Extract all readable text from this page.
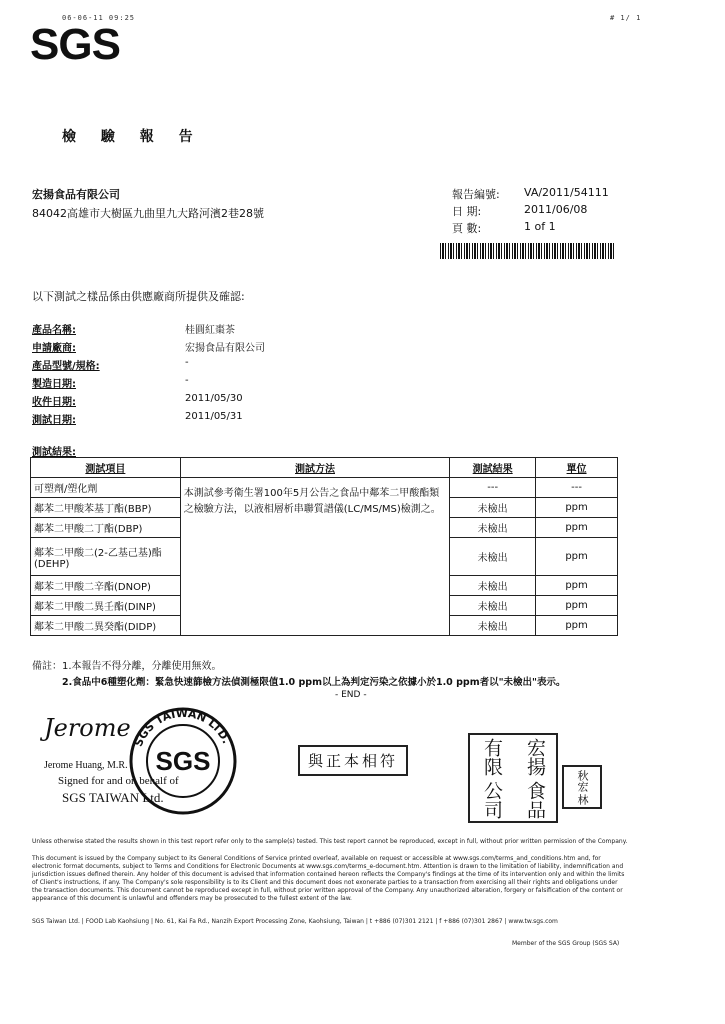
06-06-11 09:25	# 1/ 1
SGS
檢 驗 報 告
宏揚食品有限公司
84042高雄市大樹區九曲里九大路河濱2巷28號
報告編號:	VA/2011/54111
日 期:	2011/06/08
頁 數:	1 of 1
以下測試之樣品係由供應廠商所提供及確認:
產品名稱:	桂圓紅棗茶
申請廠商:	宏揚食品有限公司
產品型號/規格:	-
製造日期:	-
收件日期:	2011/05/30
測試日期:	2011/05/31
測試結果:
測試項目	測試方法	測試結果	單位
可塑劑/塑化劑	本測試參考衛生署100年5月公告之食品中鄰苯二甲酸酯類之檢驗方法，以液相層析串聯質譜儀(LC/MS/MS)檢測之。	---	---
鄰苯二甲酸苯基丁酯(BBP)		未檢出	ppm
鄰苯二甲酸二丁酯(DBP)		未檢出	ppm
鄰苯二甲酸二(2-乙基己基)酯(DEHP)		未檢出	ppm
鄰苯二甲酸二辛酯(DNOP)		未檢出	ppm
鄰苯二甲酸二異壬酯(DINP)		未檢出	ppm
鄰苯二甲酸二異癸酯(DIDP)		未檢出	ppm
備註：1.本報告不得分離，分離使用無效。
2.食品中6種塑化劑：緊急快速篩檢方法偵測極限值1.0 ppm以上為判定污染之依據小於1.0 ppm者以"未檢出"表示。
- END -
Jerome
Jerome Huang, M.R.
Signed for and on behalf of
SGS TAIWAN Ltd.
SGS TAIWAN LTD.
SGS	與正本相符	宏揚
食品
有限
公司	秋宏
林
Unless otherwise stated the results shown in this test report refer only to the sample(s) tested. This test report cannot be reproduced, except in full, without prior written permission of the Company.
This document is issued by the Company subject to its General Conditions of Service printed overleaf, available on request or accessible at www.sgs.com/terms_and_conditions.htm and, for electronic format documents, subject to Terms and Conditions for Electronic Documents at www.sgs.com/terms_e-document.htm. Attention is drawn to the limitation of liability, indemnification and jurisdiction issues defined therein. Any holder of this document is advised that information contained hereon reflects the Company's findings at the time of its intervention only and within the limits of Client's instructions, if any. The Company's sole responsibility is to its Client and this document does not exonerate parties to a transaction from exercising all their rights and obligations under the transaction documents. This document cannot be reproduced except in full, without prior written approval of the Company. Any unauthorized alteration, forgery or falsification of the content or appearance of this document is unlawful and offenders may be prosecuted to the fullest extent of the law.
SGS Taiwan Ltd. | FOOD Lab Kaohsiung | No. 61, Kai Fa Rd., Nanzih Export Processing Zone, Kaohsiung, Taiwan | t +886 (07)301 2121 | f +886 (07)301 2867 | www.tw.sgs.com
Member of the SGS Group (SGS SA)
